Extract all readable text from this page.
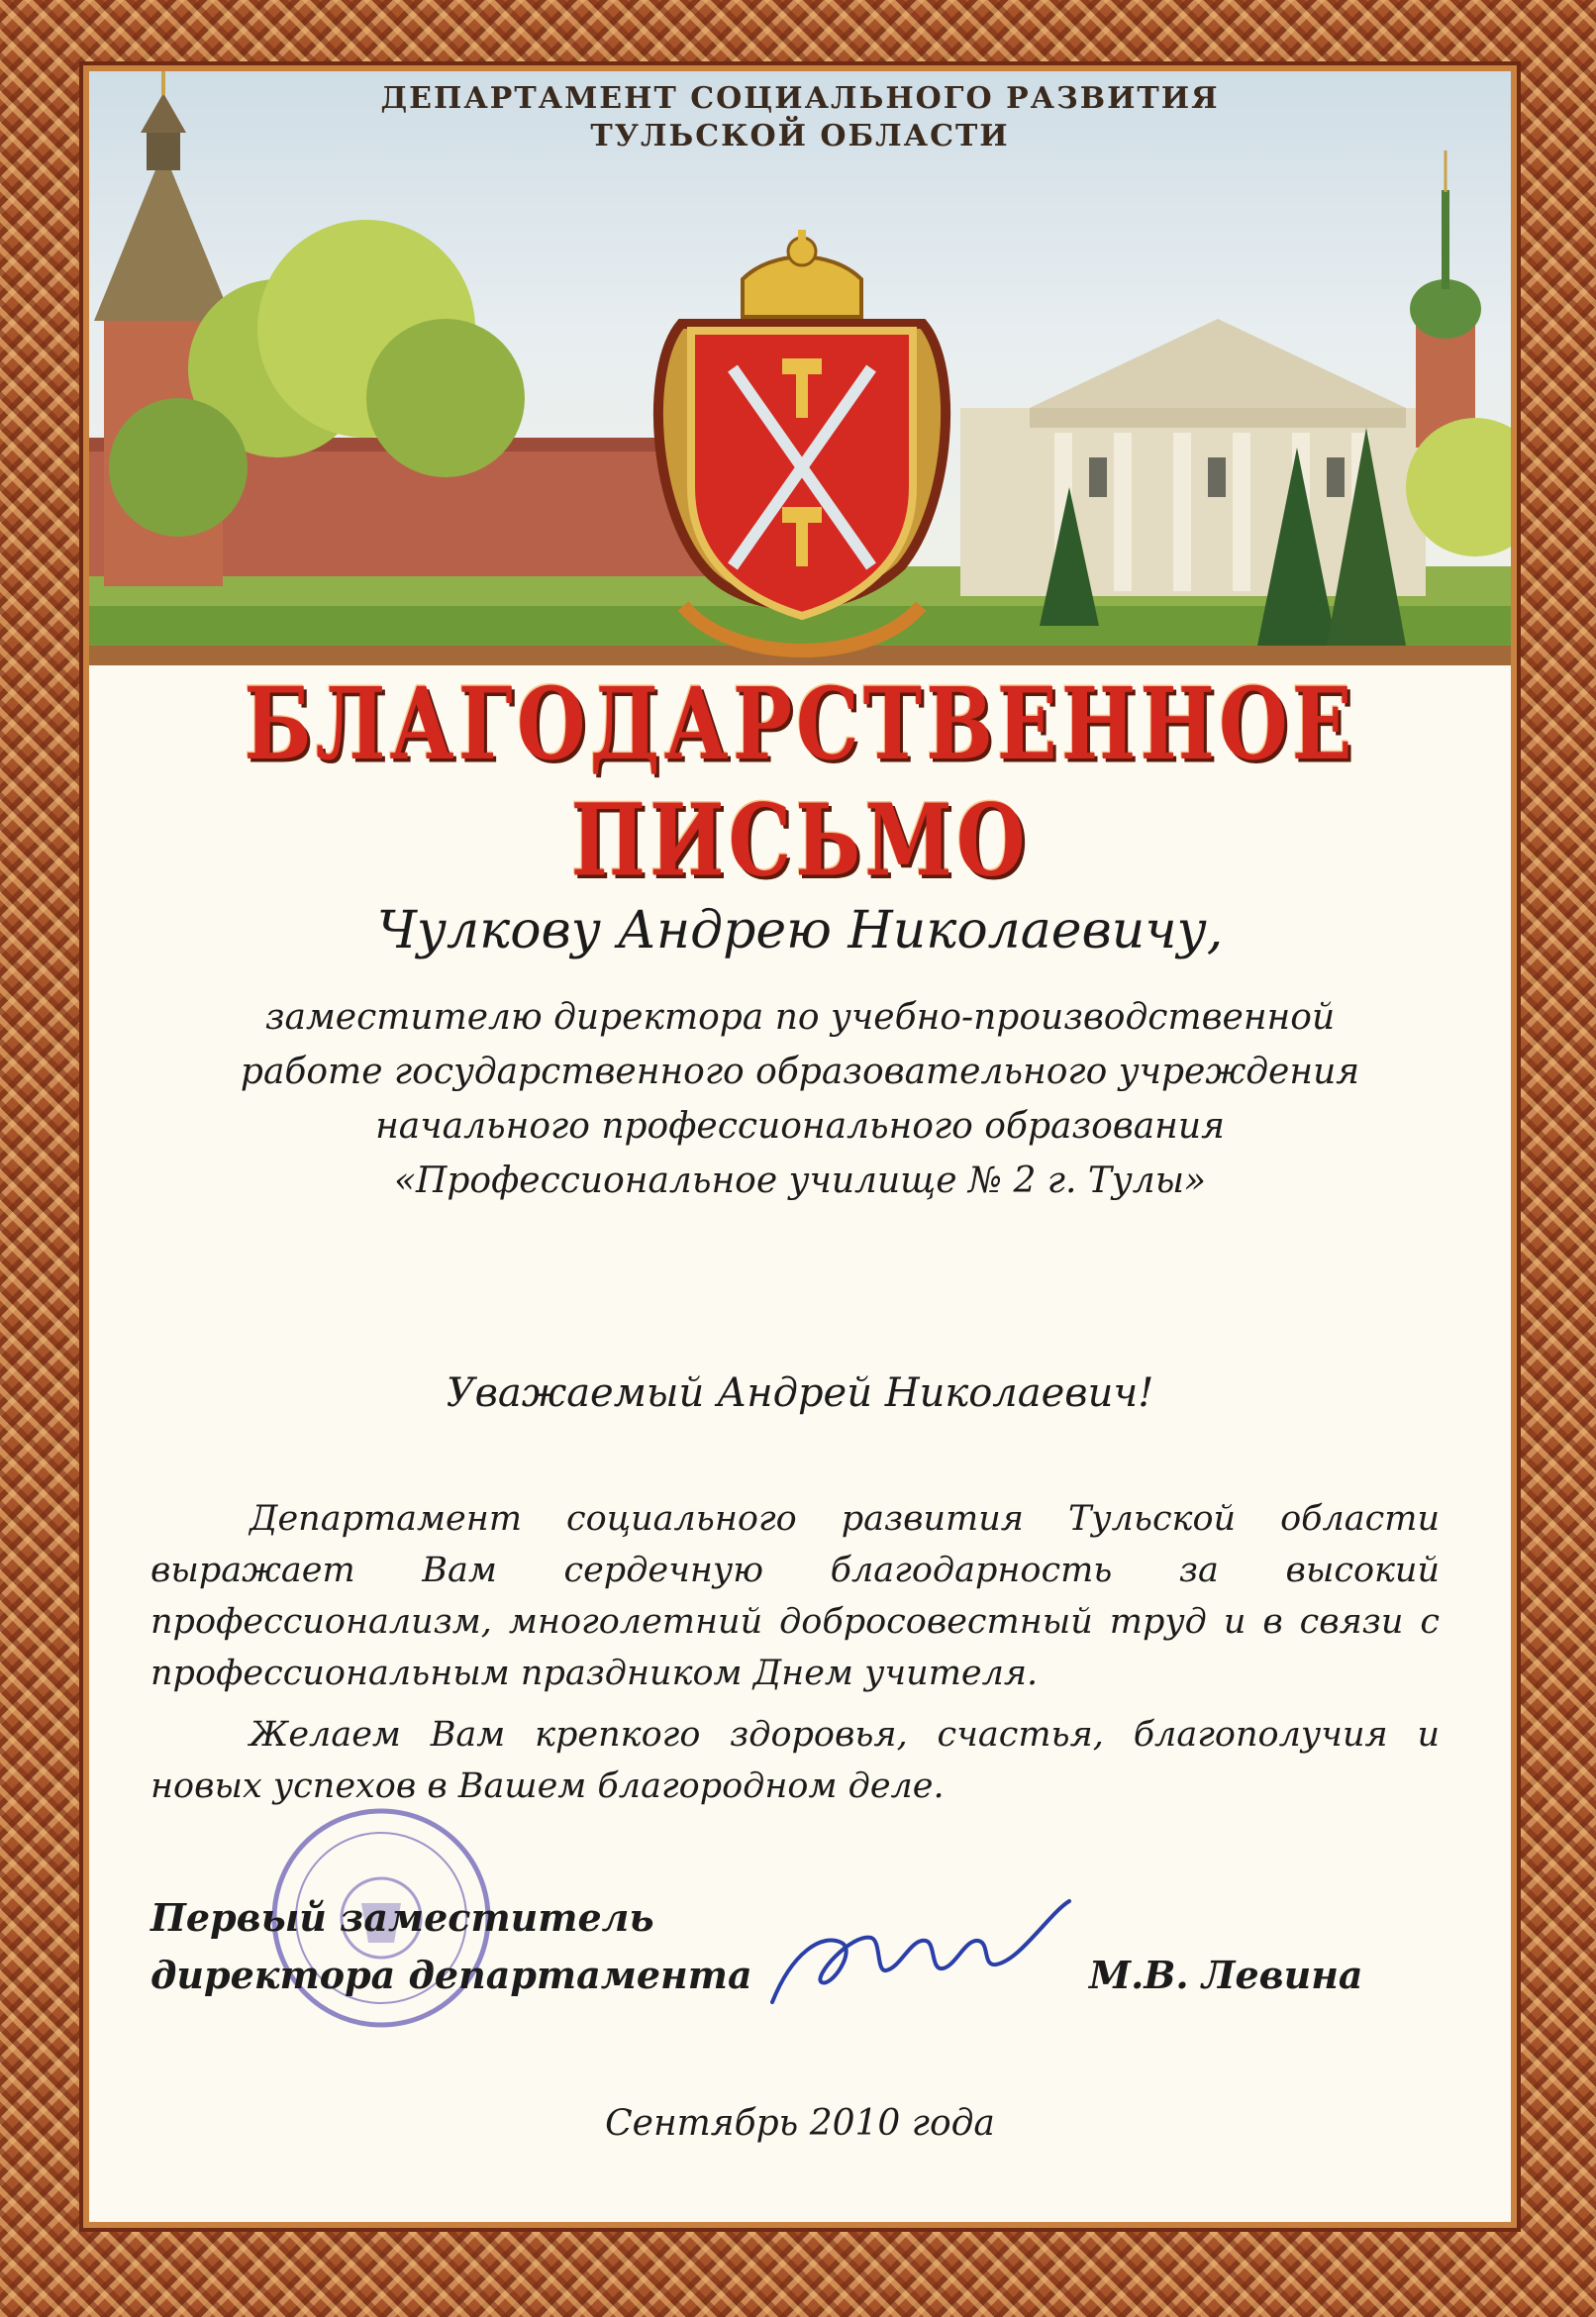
ДЕПАРТАМЕНТ СОЦИАЛЬНОГО РАЗВИТИЯ
ТУЛЬСКОЙ ОБЛАСТИ
БЛАГОДАРСТВЕННОЕ ПИСЬМО
Чулкову Андрею Николаевичу,
заместителю директора по учебно-производственной
работе государственного образовательного учреждения
начального профессионального образования
«Профессиональное училище № 2 г. Тулы»
Уважаемый Андрей Николаевич!
Департамент социального развития Тульской области выражает Вам сердечную благодарность за высокий профессионализм, многолетний добросовестный труд и в связи с профессиональным праздником Днем учителя.
Желаем Вам крепкого здоровья, счастья, благополучия и новых успехов в Вашем благородном деле.
Первый заместитель
директора департамента	М.В. Левина
Сентябрь 2010 года
